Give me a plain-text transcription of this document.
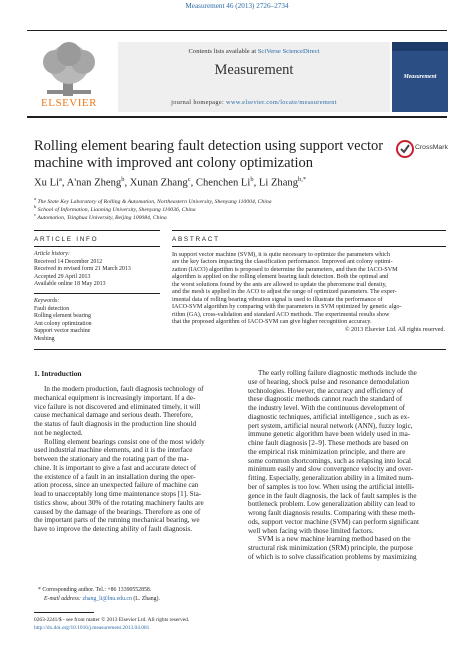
Measurement 46 (2013) 2726–2734
ELSEVIER
Contents lists available at SciVerse ScienceDirect
Measurement
journal homepage: www.elsevier.com/locate/measurement
Measurement
Rolling element bearing fault detection using support vector machine with improved ant colony optimization
CrossMark
Xu Li$^a$, A'nan Zheng$^b$, Xunan Zhang$^c$, Chenchen Li$^b$, Li Zhang$^{b,*}$
$^a$ The State Key Laboratory of Rolling & Automation, Northeastern University, Shenyang 110004, China
$^b$ School of Information, Liaoning University, Shenyang 110036, China
$^c$ Automation, Tsinghua University, Beijing 100084, China
ARTICLE INFO
Article history:
Received 14 December 2012
Received in revised form 21 March 2013
Accepted 29 April 2013
Available online 18 May 2013
Keywords:
Fault detection
Rolling element bearing
Ant colony optimization
Support vector machine
Meshing
ABSTRACT
In support vector machine (SVM), it is quite necessary to optimize the parameters which
are the key factors impacting the classification performance. Improved ant colony optimi-
zation (IACO) algorithm is proposed to determine the parameters, and then the IACO-SVM
algorithm is applied on the rolling element bearing fault detection. Both the optimal and
the worst solutions found by the ants are allowed to update the pheromone trail density,
and the mesh is applied in the ACO to adjust the range of optimized parameters. The exper-
imental data of rolling bearing vibration signal is used to illustrate the performance of
IACO-SVM algorithm by comparing with the parameters in SVM optimized by genetic algo-
rithm (GA), cross-validation and standard ACO methods. The experimental results show
that the proposed algorithm of IACO-SVM can give higher recognition accuracy.
© 2013 Elsevier Ltd. All rights reserved.
1. Introduction
In the modern production, fault diagnosis technology of
mechanical equipment is increasingly important. If a de-
vice failure is not discovered and eliminated timely, it will
cause mechanical damage and serious death. Therefore,
the status of fault diagnosis in the production line should
not be neglected.
Rolling element bearings consist one of the most widely
used industrial machine elements, and it is the interface
between the stationary and the rotating part of the ma-
chine. It is important to give a fast and accurate detect of
the existence of a fault in an installation during the oper-
ation process, since an unexpected failure of machine can
lead to unacceptably long time maintenance stops [1]. Sta-
tistics show, about 30% of the rotating machinery faults are
caused by the damage of the bearings. Therefore as one of
the important parts of the running mechanical bearing, we
have to improve the detecting ability of fault diagnosis.
The early rolling failure diagnostic methods include the
use of hearing, shock pulse and resonance demodulation
technologies. However, the accuracy and efficiency of
these diagnostic methods cannot reach the standard of
the industry level. With the continuous development of
diagnostic techniques, artificial intelligence , such as ex-
pert system, artificial neural network (ANN), fuzzy logic,
immune genetic algorithm have been widely used in ma-
chine fault diagnosis [2–9]. These methods are based on
the empirical risk minimization principle, and there are
some common shortcomings, such as relapsing into local
minimum easily and slow convergence velocity and over-
fitting. Especially, generalization ability in a limited num-
ber of samples is too low. When using the artificial intelli-
gence in the fault diagnosis, the lack of fault samples is the
bottleneck problem. Low generalization ability can lead to
wrong fault diagnosis results. Comparing with these meth-
ods, support vector machine (SVM) can perform significant
well when facing with those limited factors.
SVM is a new machine learning method based on the
structural risk minimization (SRM) principle, the purpose
of which is to solve classification problems by maximizing
* Corresponding author. Tel.: +86 13390552858.
E-mail address: zhang_li@lnu.edu.cn (L. Zhang).
0263-2241/$ - see front matter © 2013 Elsevier Ltd. All rights reserved.
http://dx.doi.org/10.1016/j.measurement.2013.04.081
